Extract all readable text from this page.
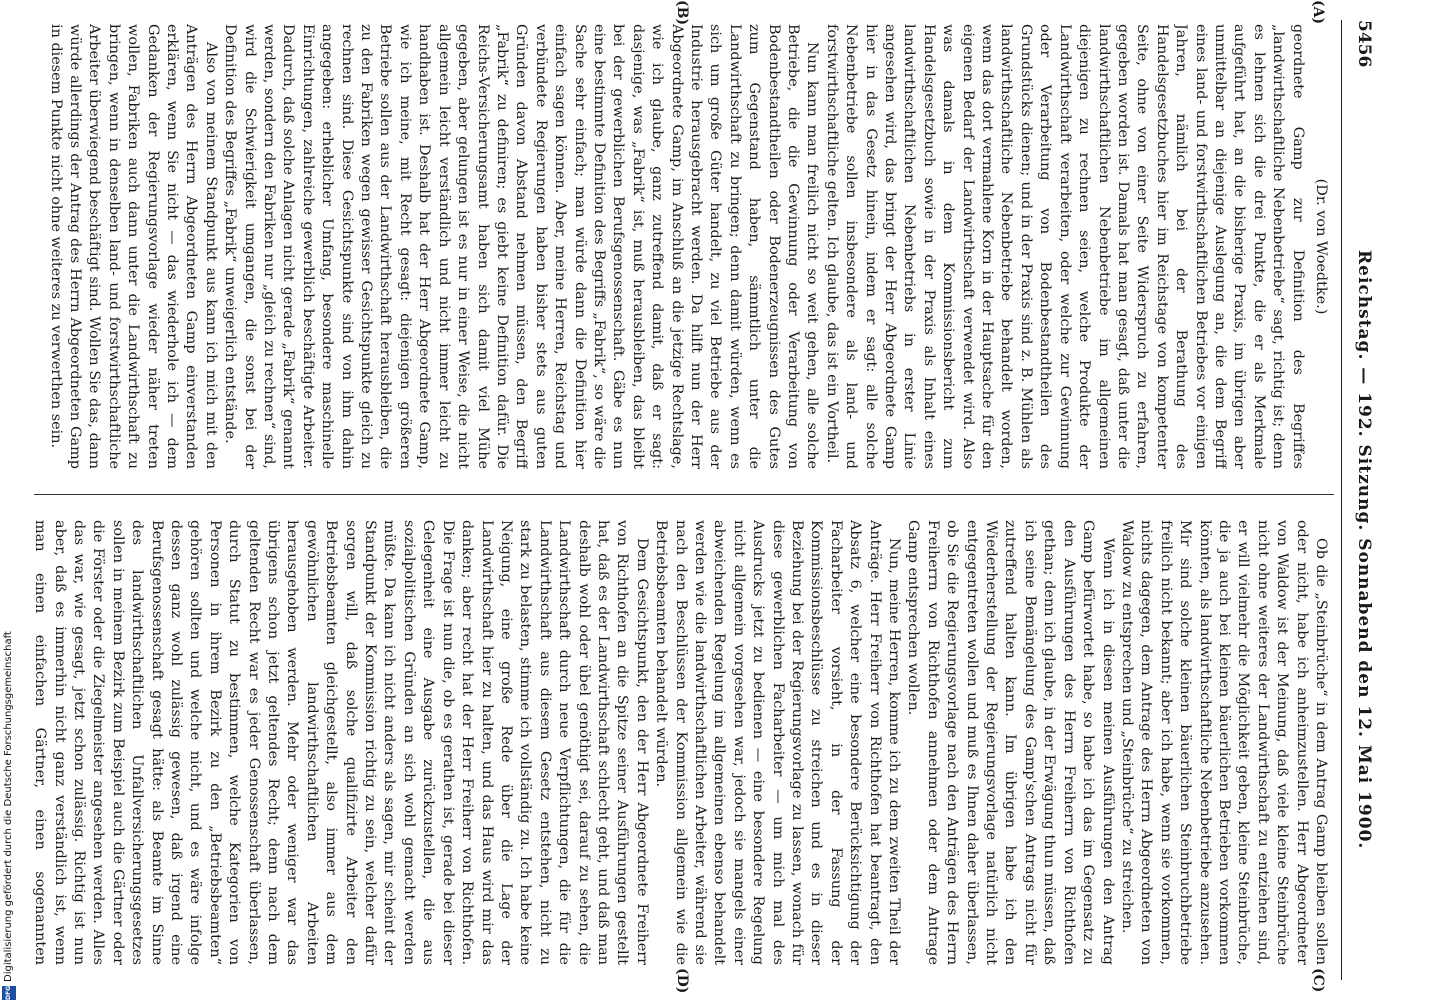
5456
Reichstag. — 192. Sitzung. Sonnabend den 12. Mai 1900.
(A)
(B)
(C)
(D)

(Dr. von Woedtke.)

geordnete Gamp zur Definition des Begriffes „landwirthschaftliche Nebenbetriebe“ sagt, richtig ist; denn es lehnen sich die drei Punkte, die er als Merkmale aufgeführt hat, an die bisherige Praxis, im übrigen aber unmittelbar an diejenige Auslegung an, die dem Begriff eines land- und forstwirthschaftlichen Betriebes vor einigen Jahren, nämlich bei der Berathung des Handelsgesetzbuches hier im Reichstage von kompetenter Seite, ohne von einer Seite Widerspruch zu erfahren, gegeben worden ist. Damals hat man gesagt, daß unter die landwirthschaftlichen Nebenbetriebe im allgemeinen diejenigen zu rechnen seien, welche Produkte der Landwirthschaft verarbeiten, oder welche zur Gewinnung oder Verarbeitung von Bodenbestandtheilen des Grundstücks dienen; und in der Praxis sind z. B. Mühlen als landwirthschaftliche Nebenbetriebe behandelt worden, wenn das dort vermahlene Korn in der Hauptsache für den eigenen Bedarf der Landwirthschaft verwendet wird. Also was damals in dem Kommissionsbericht zum Handelsgesetzbuch sowie in der Praxis als Inhalt eines landwirthschaftlichen Nebenbetriebs in erster Linie angesehen wird, das bringt der Herr Abgeordnete Gamp hier in das Gesetz hinein, indem er sagt: alle solche Nebenbetriebe sollen insbesondere als land- und forstwirthschaftliche gelten. Ich glaube, das ist ein Vortheil.

Nun kann man freilich nicht so weit gehen, alle solche Betriebe, die die Gewinnung oder Verarbeitung von Bodenbestandtheilen oder Bodenerzeugnissen des Gutes zum Gegenstand haben, sämmtlich unter die Landwirthschaft zu bringen; denn damit würden, wenn es sich um große Güter handelt, zu viel Betriebe aus der Industrie herausgebracht werden. Da hilft nun der Herr Abgeordnete Gamp, im Anschluß an die jetzige Rechtslage, wie ich glaube, ganz zutreffend damit, daß er sagt: dasjenige, was „Fabrik“ ist, muß herausbleiben, das bleibt bei der gewerblichen Berufsgenossenschaft. Gäbe es nun eine bestimmte Definition des Begriffs „Fabrik“, so wäre die Sache sehr einfach; man würde dann die Definition hier einfach sagen können. Aber, meine Herren, Reichstag und verbündete Regierungen haben bisher stets aus guten Gründen davon Abstand nehmen müssen, den Begriff „Fabrik“ zu definiren; es giebt keine Definition dafür. Die Reichs-Versicherungsamt haben sich damit viel Mühe gegeben, aber gelungen ist es nur in einer Weise, die nicht allgemein leicht verständlich und nicht immer leicht zu handhaben ist. Deshalb hat der Herr Abgeordnete Gamp, wie ich meine, mit Recht gesagt: diejenigen größeren Betriebe sollen aus der Landwirthschaft herausbleiben, die zu den Fabriken wegen gewisser Gesichtspunkte gleich zu rechnen sind. Diese Gesichtspunkte sind von ihm dahin angegeben: erheblicher Umfang, besondere maschinelle Einrichtungen, zahlreiche gewerblich beschäftigte Arbeiter. Dadurch, daß solche Anlagen nicht gerade „Fabrik“ genannt werden, sondern den Fabriken nur „gleich zu rechnen“ sind, wird die Schwierigkeit umgangen, die sonst bei der Definition des Begriffes „Fabrik“ unweigerlich entstände.

Also von meinem Standpunkt aus kann ich mich mit den Anträgen des Herrn Abgeordneten Gamp einverstanden erklären, wenn Sie nicht — das wiederhole ich — dem Gedanken der Regierungsvorlage wieder näher treten wollen, Fabriken auch dann unter die Landwirthschaft zu bringen, wenn in denselben land- und forstwirthschaftliche Arbeiter überwiegend beschäftigt sind. Wollen Sie das, dann würde allerdings der Antrag des Herrn Abgeordneten Gamp in diesem Punkte nicht ohne weiteres zu verwerthen sein.

Ob die „Steinbrüche“ in dem Antrag Gamp bleiben sollen oder nicht, habe ich anheimzustellen. Herr Abgeordneter von Waldow ist der Meinung, daß viele kleine Steinbrüche nicht ohne weiteres der Landwirthschaft zu entziehen sind, er will vielmehr die Möglichkeit geben, kleine Steinbrüche, die ja auch bei kleinen bäuerlichen Betrieben vorkommen könnten, als landwirthschaftliche Nebenbetriebe anzusehen. Mir sind solche kleinen bäuerlichen Steinbruchbetriebe freilich nicht bekannt; aber ich habe, wenn sie vorkommen, nichts dagegen, dem Antrage des Herrn Abgeordneten von Waldow zu entsprechen und „Steinbrüche“ zu streichen.

Wenn ich in diesen meinen Ausführungen den Antrag Gamp befürwortet habe, so habe ich das im Gegensatz zu den Ausführungen des Herrn Freiherrn von Richthofen gethan; denn ich glaube, in der Erwägung thun müssen, daß ich seine Bemängelung des Gamp'schen Antrags nicht für zutreffend halten kann. Im übrigen habe ich den Wiederherstellung der Regierungsvorlage natürlich nicht entgegentreten wollen und muß es Ihnen daher überlassen, ob Sie die Regierungsvorlage nach den Anträgen des Herrn Freiherrn von Richthofen annehmen oder dem Antrage Gamp entsprechen wollen.

Nun, meine Herren, komme ich zu dem zweiten Theil der Anträge. Herr Freiherr von Richthofen hat beantragt, den Absatz 6, welcher eine besondere Berücksichtigung der Facharbeiter vorsieht, in der Fassung der Kommissionsbeschlüsse zu streichen und es in dieser Beziehung bei der Regierungsvorlage zu lassen, wonach für diese gewerblichen Facharbeiter — um mich mal des Ausdrucks jetzt zu bedienen — eine besondere Regelung nicht allgemein vorgesehen war, jedoch sie mangels einer abweichenden Regelung im allgemeinen ebenso behandelt werden wie die landwirthschaftlichen Arbeiter, während sie nach den Beschlüssen der Kommission allgemein wie die Betriebsbeamten behandelt würden.

Dem Gesichtspunkt, den der Herr Abgeordnete Freiherr von Richthofen an die Spitze seiner Ausführungen gestellt hat, daß es der Landwirthschaft schlecht geht, und daß man deshalb wohl oder übel genöthigt sei, darauf zu sehen, die Landwirthschaft durch neue Verpflichtungen, die für die Landwirthschaft aus diesem Gesetz entstehen, nicht zu stark zu belasten, stimme ich vollständig zu. Ich habe keine Neigung, eine große Rede über die Lage der Landwirthschaft hier zu halten, und das Haus wird mir das danken; aber recht hat der Herr Freiherr von Richthofen. Die Frage ist nun die, ob es gerathen ist, gerade bei dieser Gelegenheit eine Ausgabe zurückzustellen, die aus sozialpolitischen Gründen an sich wohl gemacht werden müßte. Da kann ich nicht anders als sagen, mir scheint der Standpunkt der Kommission richtig zu sein, welcher dafür sorgen will, daß solche qualifizirte Arbeiter den Betriebsbeamten gleichgestellt, also immer aus dem gewöhnlichen landwirthschaftlichen Arbeiten herausgehoben werden. Mehr oder weniger war das übrigens schon jetzt geltendes Recht; denn nach dem geltenden Recht war es jeder Genossenschaft überlassen, durch Statut zu bestimmen, welche Kategorien von Personen in ihrem Bezirk zu den „Betriebsbeamten“ gehören sollten und welche nicht, und es wäre infolge dessen ganz wohl zulässig gewesen, daß irgend eine Berufsgenossenschaft gesagt hätte: als Beamte im Sinne des landwirthschaftlichen Unfallversicherungsgesetzes sollen in meinem Bezirk zum Beispiel auch die Gärtner oder die Förster oder die Ziegelmeister angesehen werden. Alles das war, wie gesagt, jetzt schon zulässig. Richtig ist nun aber, daß es immerhin nicht ganz verständlich ist, wenn man einen einfachen Gärtner, einen sogenannten

DFG
Digitalisierung gefördert durch die Deutsche Forschungsgemeinschaft
